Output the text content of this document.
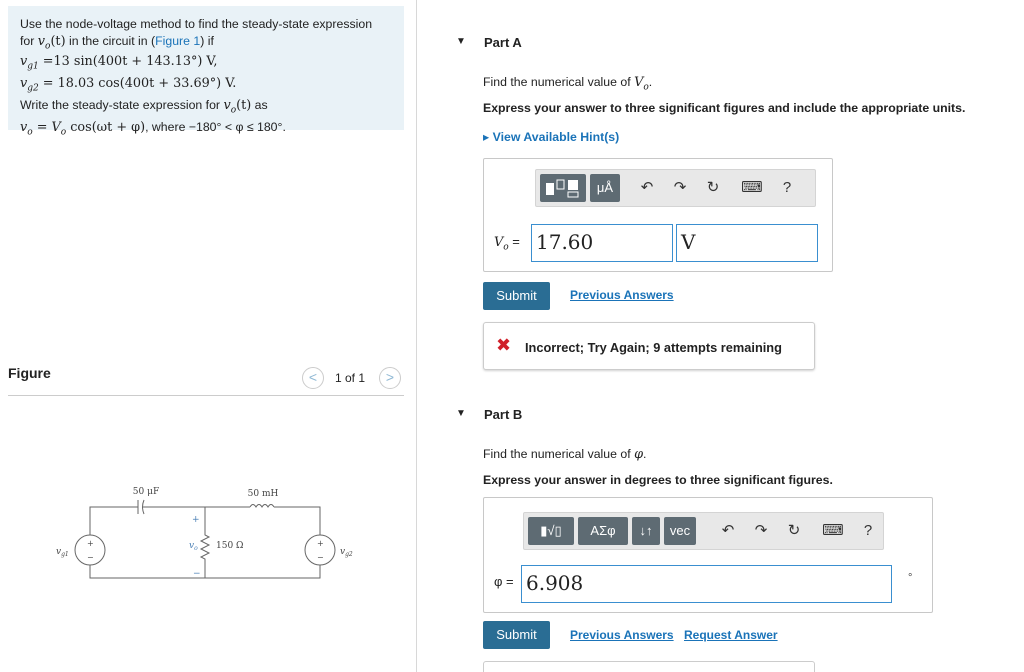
Use the node-voltage method to find the steady-state expression
for $v_o(t)$ in the circuit in (Figure 1) if
$v_{g1} =13$ sin(400t + 143.13°) V,
$v_{g2} = 18.03$ cos(400t + 33.69°) V.
Write the steady-state expression for $v_o(t)$ as
$v_o = V_o$ cos(ωt + φ), where −180° < φ ≤ 180°.
Figure	<	1 of 1	>
50 μF	50 mH
150 Ω
$v_{g1}$	$v_{g2}$
$v_o$
+
−
+
−
+
−
▼ Part A
Find the numerical value of $V_o$.
Express your answer to three significant figures and include the appropriate units.
▸ View Available Hint(s)
μÅ	↶	↷	↻	⌨	?
$V_o = 17.60$	V
Submit	Previous Answers
✖ Incorrect; Try Again; 9 attempts remaining
▼ Part B
Find the numerical value of φ.
Express your answer in degrees to three significant figures.
▮√▯	ΑΣφ	↓↑	vec	↶	↷	↻	⌨	?
φ = 6.908	°
Submit	Previous Answers Request Answer
